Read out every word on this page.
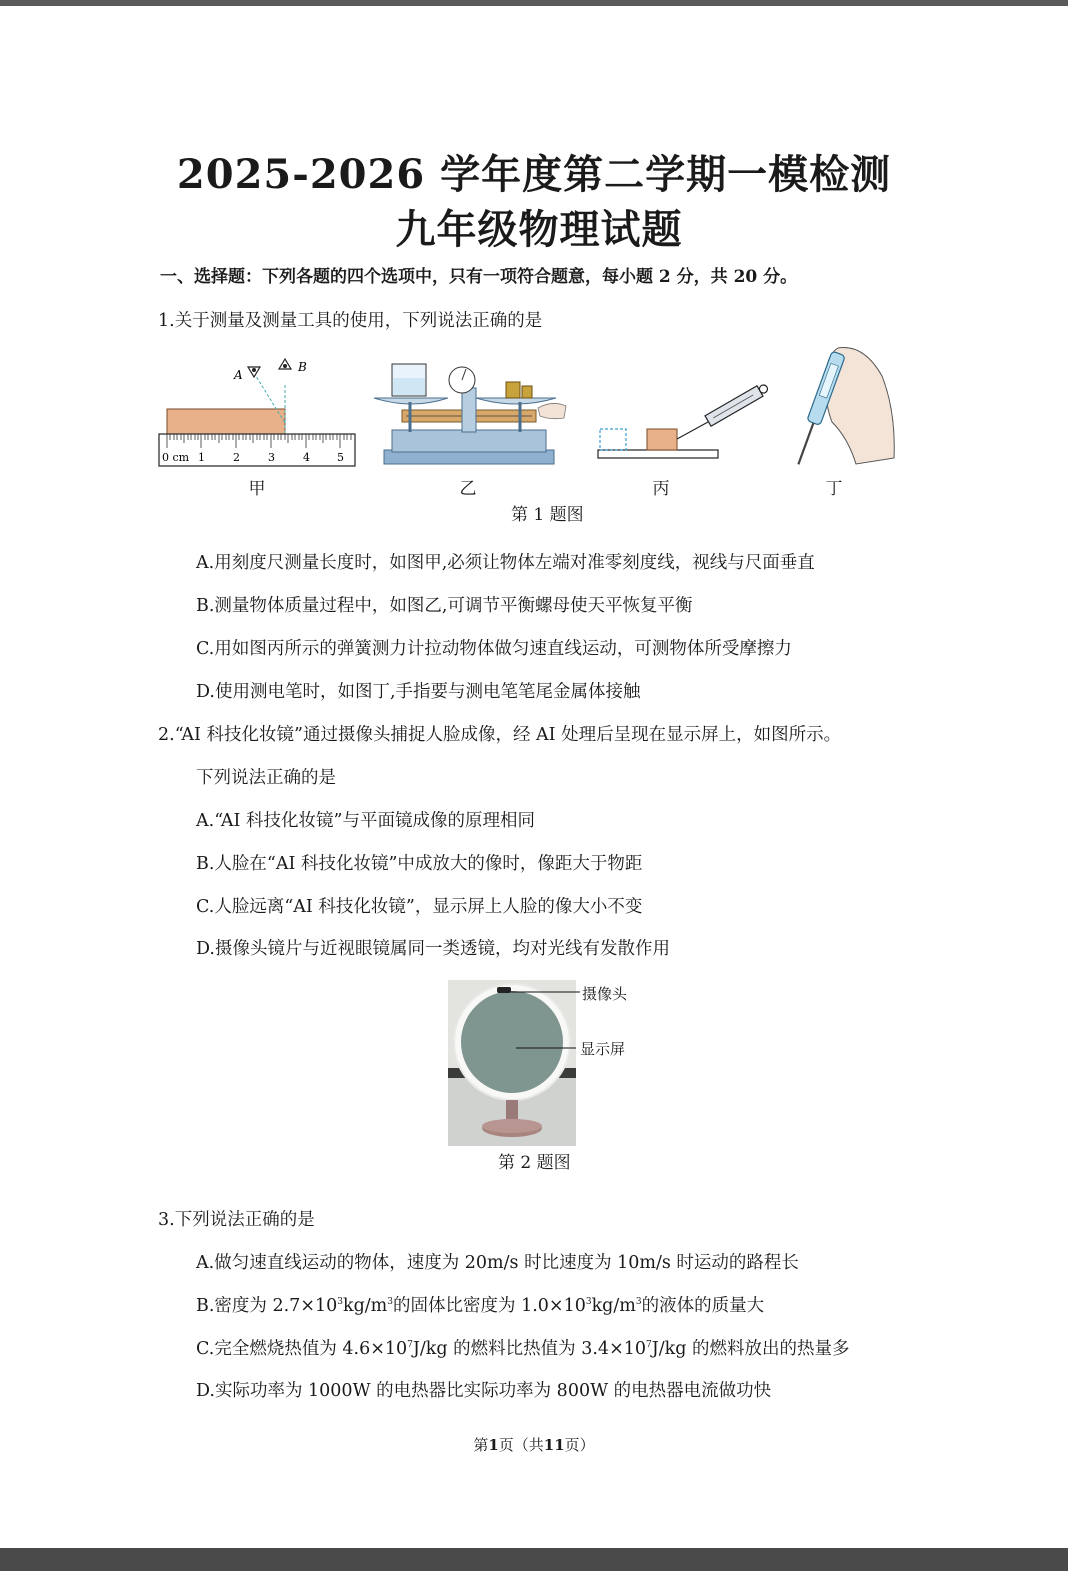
2025-2026 学年度第二学期一模检测
九年级物理试题
一、选择题：下列各题的四个选项中，只有一项符合题意，每小题 2 分，共 20 分。
1.关于测量及测量工具的使用，下列说法正确的是
0 cm 1	2	3	4 5
A
B
甲	乙	丙	丁
第 1 题图
A.用刻度尺测量长度时，如图甲,必须让物体左端对准零刻度线，视线与尺面垂直
B.测量物体质量过程中，如图乙,可调节平衡螺母使天平恢复平衡
C.用如图丙所示的弹簧测力计拉动物体做匀速直线运动，可测物体所受摩擦力
D.使用测电笔时，如图丁,手指要与测电笔笔尾金属体接触
2.“AI 科技化妆镜”通过摄像头捕捉人脸成像，经 AI 处理后呈现在显示屏上，如图所示。
下列说法正确的是
A.“AI 科技化妆镜”与平面镜成像的原理相同
B.人脸在“AI 科技化妆镜”中成放大的像时，像距大于物距
C.人脸远离“AI 科技化妆镜”，显示屏上人脸的像大小不变
D.摄像头镜片与近视眼镜属同一类透镜，均对光线有发散作用
摄像头
显示屏
第 2 题图
3.下列说法正确的是
A.做匀速直线运动的物体，速度为 20m/s 时比速度为 10m/s 时运动的路程长
B.密度为 $2.7\times 10^3kg/m^3$的固体比密度为 $1.0\times 10^3kg/m^3$的液体的质量大
C.完全燃烧热值为 $4.6\times 10^7J/kg$ 的燃料比热值为 $3.4\times 10^7J/kg$ 的燃料放出的热量多
D.实际功率为 1000W 的电热器比实际功率为 800W 的电热器电流做功快
第1页（共11页）
